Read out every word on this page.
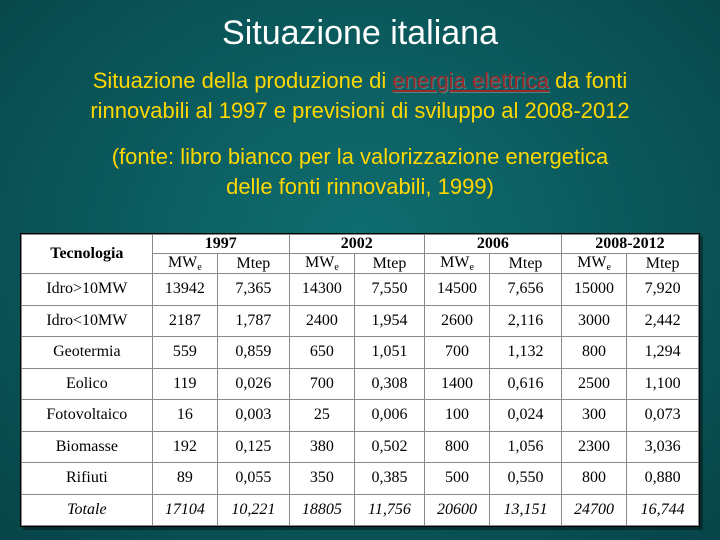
Situazione italiana
Situazione della produzione di energia elettrica da fonti
rinnovabili al 1997 e previsioni di sviluppo al 2008-2012
(fonte: libro bianco per la valorizzazione energetica
delle fonti rinnovabili, 1999)
Tecnologia	1997		2002		2006		2008-2012	
	$MW_e$	Mtep	$MW_e$	Mtep	$MW_e$	Mtep	$MW_e$	Mtep
Idro>10MW	13942	7,365	14300	7,550	14500	7,656	15000	7,920
Idro<10MW	2187	1,787	2400	1,954	2600	2,116	3000	2,442
Geotermia	559	0,859	650	1,051	700	1,132	800	1,294
Eolico	119	0,026	700	0,308	1400	0,616	2500	1,100
Fotovoltaico	16	0,003	25	0,006	100	0,024	300	0,073
Biomasse	192	0,125	380	0,502	800	1,056	2300	3,036
Rifiuti	89	0,055	350	0,385	500	0,550	800	0,880
Totale	17104	10,221	18805	11,756	20600	13,151	24700	16,744
